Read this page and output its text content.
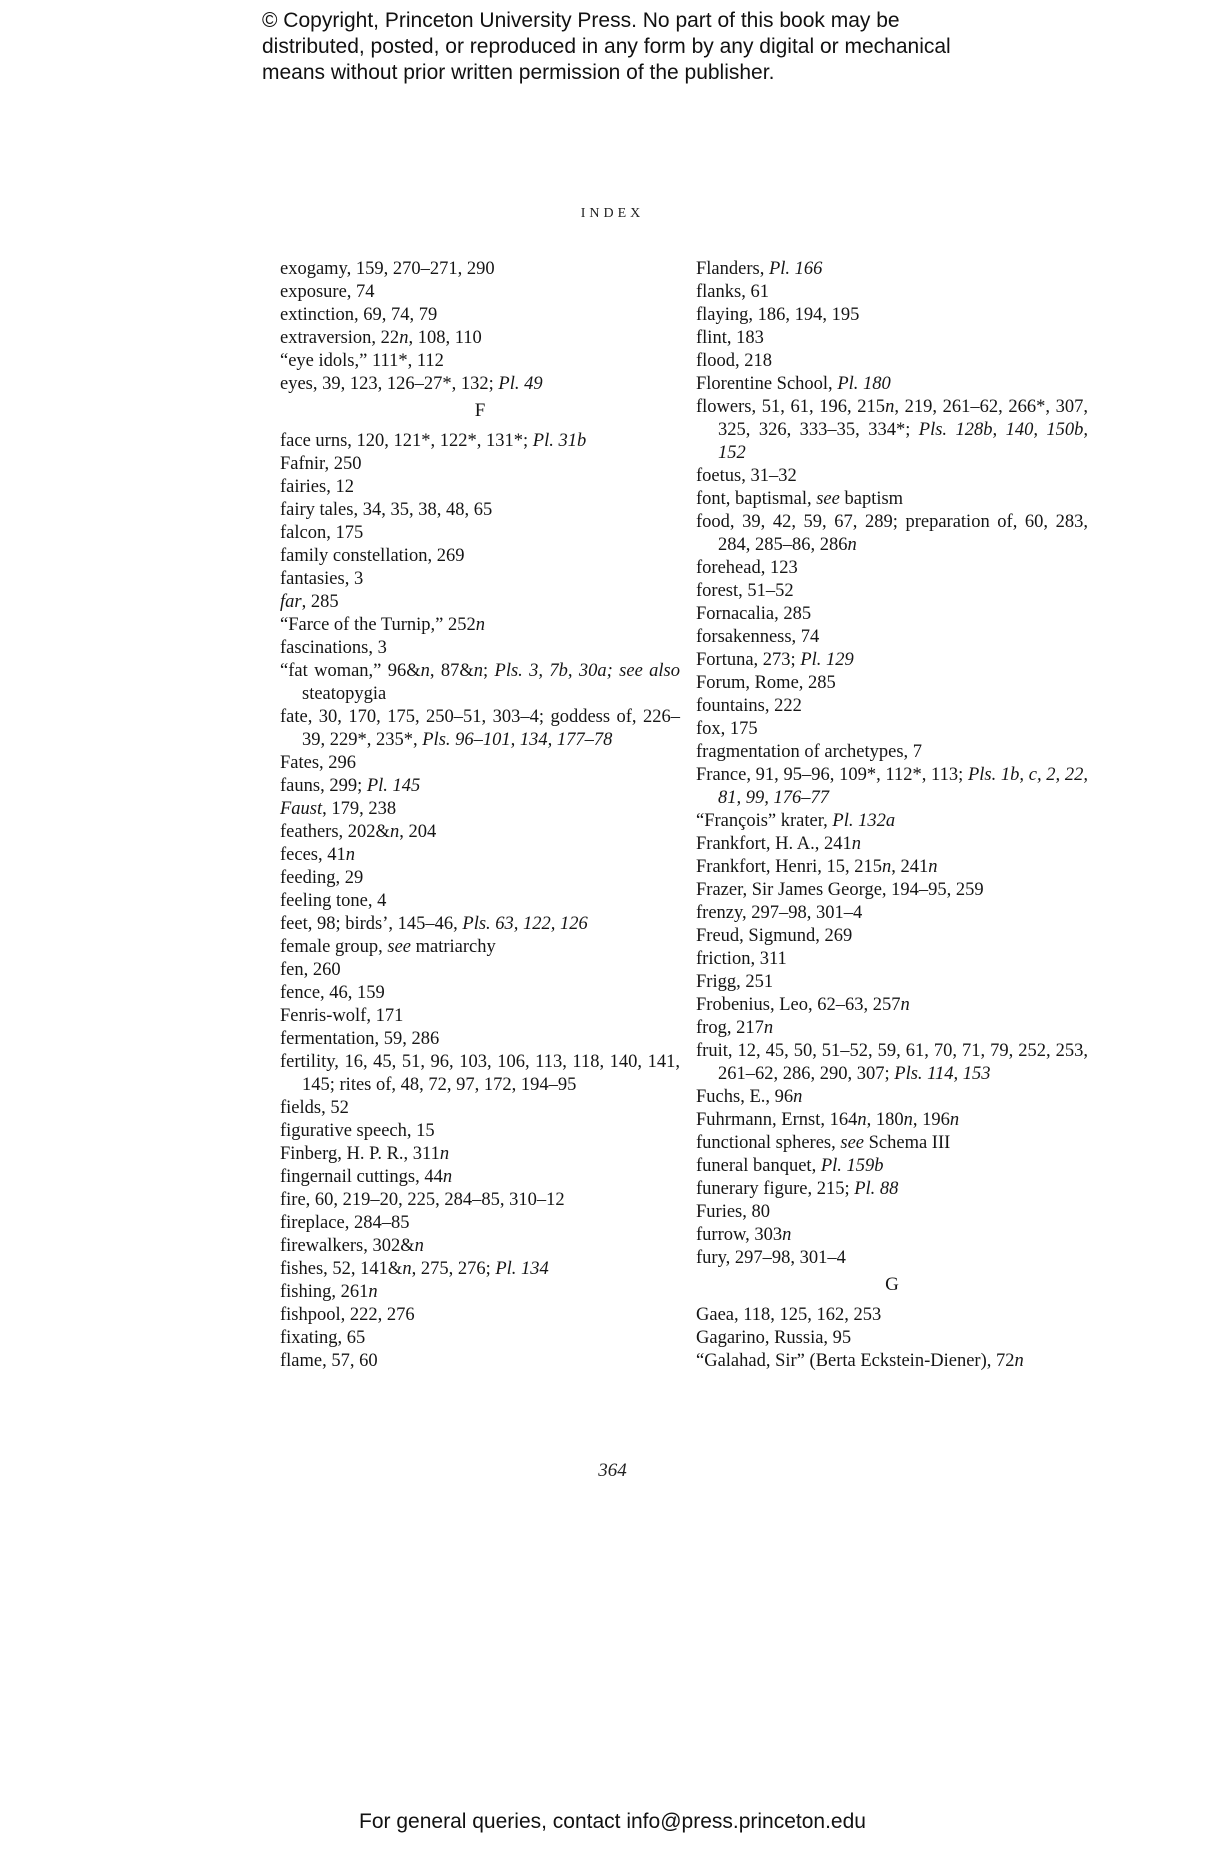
© Copyright, Princeton University Press. No part of this book may be
distributed, posted, or reproduced in any form by any digital or mechanical
means without prior written permission of the publisher.
INDEX
exogamy, 159, 270–271, 290
exposure, 74
extinction, 69, 74, 79
extraversion, 22n, 108, 110
“eye idols,” 111*, 112
eyes, 39, 123, 126–27*, 132; Pl. 49
F
face urns, 120, 121*, 122*, 131*; Pl. 31b
Fafnir, 250
fairies, 12
fairy tales, 34, 35, 38, 48, 65
falcon, 175
family constellation, 269
fantasies, 3
far, 285
“Farce of the Turnip,” 252n
fascinations, 3
“fat woman,” 96&n, 87&n; Pls. 3, 7b, 30a; see also steatopygia
fate, 30, 170, 175, 250–51, 303–4; goddess of, 226–39, 229*, 235*, Pls. 96–101, 134, 177–78
Fates, 296
fauns, 299; Pl. 145
Faust, 179, 238
feathers, 202&n, 204
feces, 41n
feeding, 29
feeling tone, 4
feet, 98; birds’, 145–46, Pls. 63, 122, 126
female group, see matriarchy
fen, 260
fence, 46, 159
Fenris-wolf, 171
fermentation, 59, 286
fertility, 16, 45, 51, 96, 103, 106, 113, 118, 140, 141, 145; rites of, 48, 72, 97, 172, 194–95
fields, 52
figurative speech, 15
Finberg, H. P. R., 311n
fingernail cuttings, 44n
fire, 60, 219–20, 225, 284–85, 310–12
fireplace, 284–85
firewalkers, 302&n
fishes, 52, 141&n, 275, 276; Pl. 134
fishing, 261n
fishpool, 222, 276
fixating, 65
flame, 57, 60
Flanders, Pl. 166
flanks, 61
flaying, 186, 194, 195
flint, 183
flood, 218
Florentine School, Pl. 180
flowers, 51, 61, 196, 215n, 219, 261–62, 266*, 307, 325, 326, 333–35, 334*; Pls. 128b, 140, 150b, 152
foetus, 31–32
font, baptismal, see baptism
food, 39, 42, 59, 67, 289; preparation of, 60, 283, 284, 285–86, 286n
forehead, 123
forest, 51–52
Fornacalia, 285
forsakenness, 74
Fortuna, 273; Pl. 129
Forum, Rome, 285
fountains, 222
fox, 175
fragmentation of archetypes, 7
France, 91, 95–96, 109*, 112*, 113; Pls. 1b, c, 2, 22, 81, 99, 176–77
“François” krater, Pl. 132a
Frankfort, H. A., 241n
Frankfort, Henri, 15, 215n, 241n
Frazer, Sir James George, 194–95, 259
frenzy, 297–98, 301–4
Freud, Sigmund, 269
friction, 311
Frigg, 251
Frobenius, Leo, 62–63, 257n
frog, 217n
fruit, 12, 45, 50, 51–52, 59, 61, 70, 71, 79, 252, 253, 261–62, 286, 290, 307; Pls. 114, 153
Fuchs, E., 96n
Fuhrmann, Ernst, 164n, 180n, 196n
functional spheres, see Schema III
funeral banquet, Pl. 159b
funerary figure, 215; Pl. 88
Furies, 80
furrow, 303n
fury, 297–98, 301–4
G
Gaea, 118, 125, 162, 253
Gagarino, Russia, 95
“Galahad, Sir” (Berta Eckstein-Diener), 72n
364
For general queries, contact info@press.princeton.edu
